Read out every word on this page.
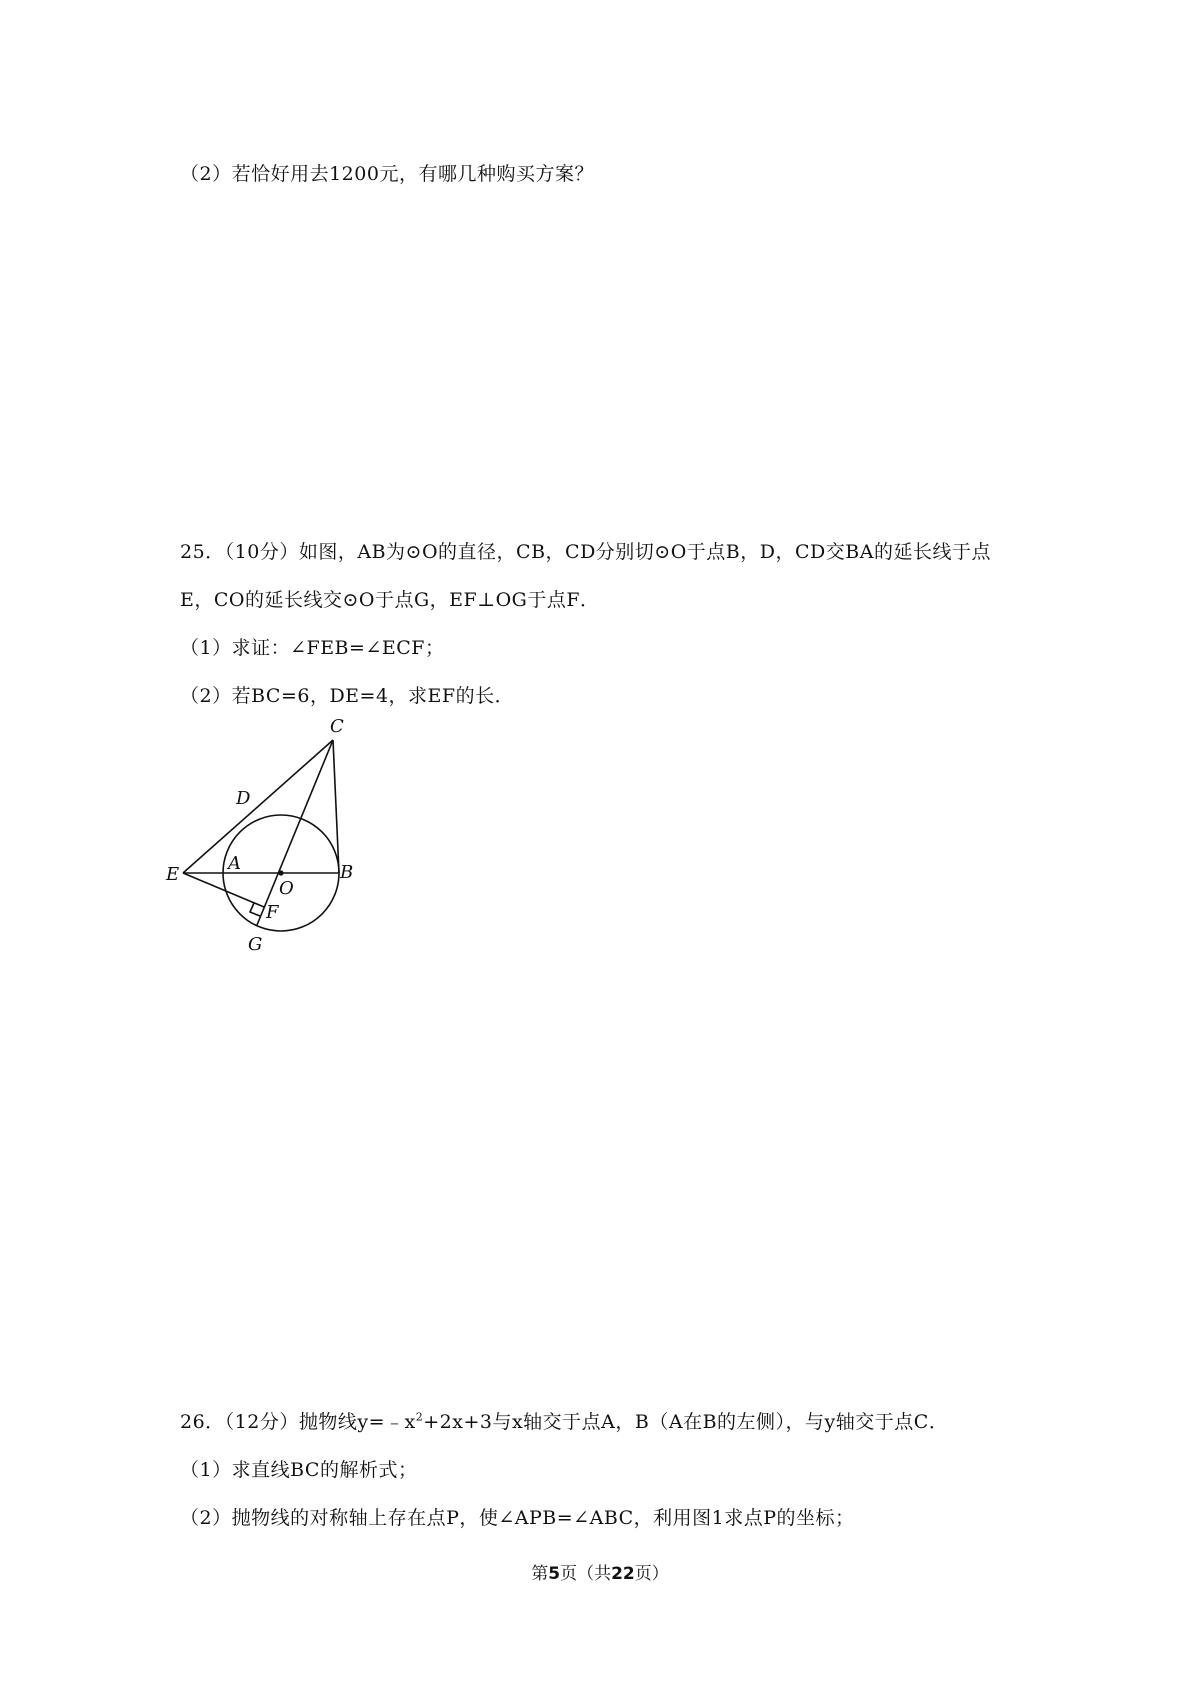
（2）若恰好用去1200元，有哪几种购买方案？
25．（10分）如图，AB为⊙O的直径，CB，CD分别切⊙O于点B，D，CD交BA的延长线于点
E，CO的延长线交⊙O于点G，EF⊥OG于点F．
（1）求证：∠FEB=∠ECF；
（2）若BC=6，DE=4，求EF的长．
C
D
E
A
O
B
F
G
26．（12分）抛物线$y=﹣x^2+2x+3$与x轴交于点A，B（A在B的左侧），与y轴交于点C．
（1）求直线BC的解析式；
（2）抛物线的对称轴上存在点P，使∠APB=∠ABC，利用图1求点P的坐标；
第5页（共22页）
